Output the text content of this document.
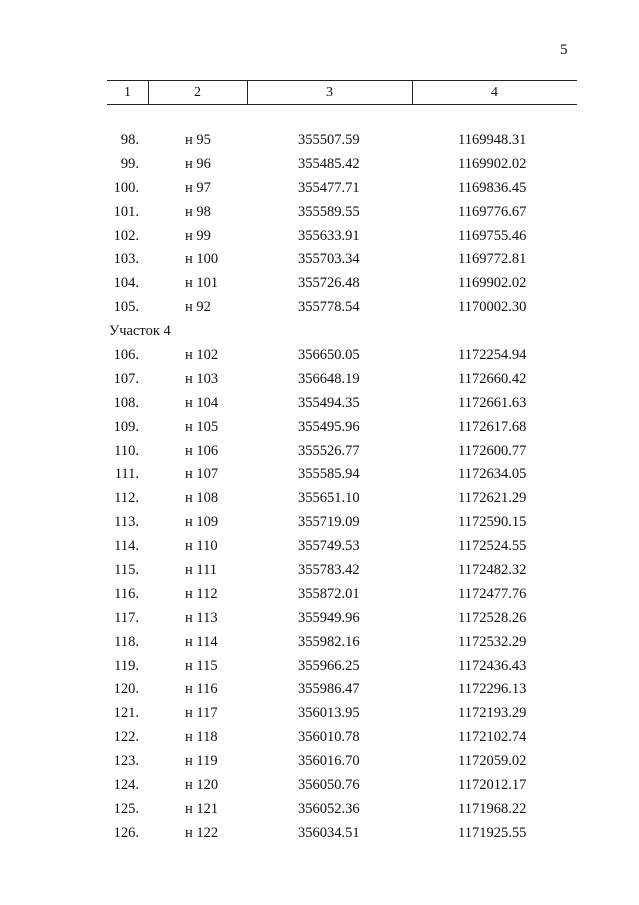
5
1	2	3	4
98.	н 95	355507.59	1169948.31
99.	н 96	355485.42	1169902.02
100.	н 97	355477.71	1169836.45
101.	н 98	355589.55	1169776.67
102.	н 99	355633.91	1169755.46
103.	н 100	355703.34	1169772.81
104.	н 101	355726.48	1169902.02
105.	н 92	355778.54	1170002.30
Участок 4
106.	н 102	356650.05	1172254.94
107.	н 103	356648.19	1172660.42
108.	н 104	355494.35	1172661.63
109.	н 105	355495.96	1172617.68
110.	н 106	355526.77	1172600.77
111.	н 107	355585.94	1172634.05
112.	н 108	355651.10	1172621.29
113.	н 109	355719.09	1172590.15
114.	н 110	355749.53	1172524.55
115.	н 111	355783.42	1172482.32
116.	н 112	355872.01	1172477.76
117.	н 113	355949.96	1172528.26
118.	н 114	355982.16	1172532.29
119.	н 115	355966.25	1172436.43
120.	н 116	355986.47	1172296.13
121.	н 117	356013.95	1172193.29
122.	н 118	356010.78	1172102.74
123.	н 119	356016.70	1172059.02
124.	н 120	356050.76	1172012.17
125.	н 121	356052.36	1171968.22
126.	н 122	356034.51	1171925.55
